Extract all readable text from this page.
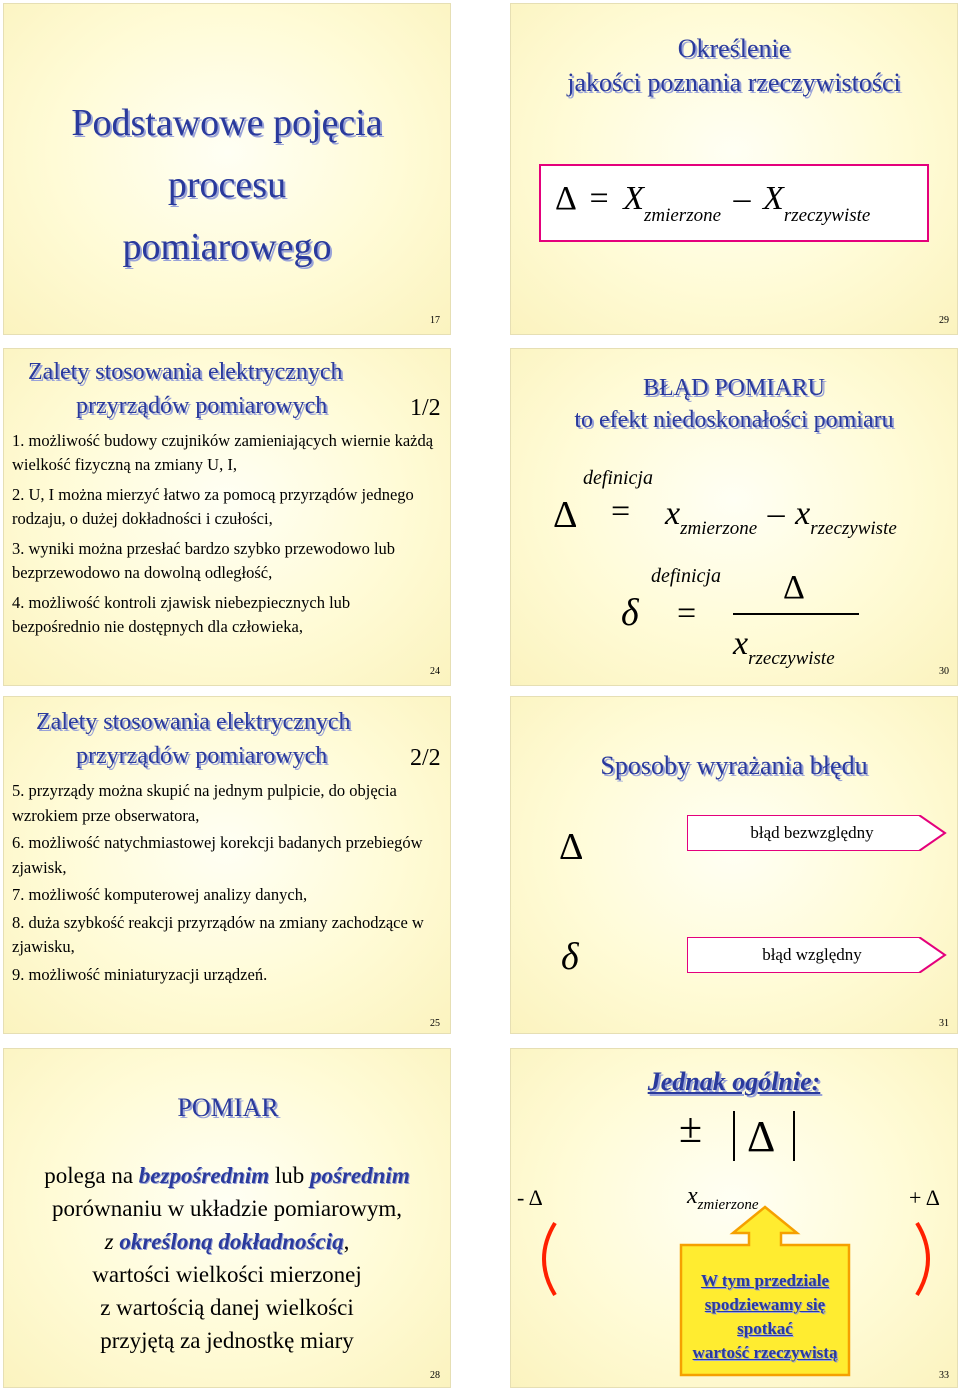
Podstawowe pojęcia

procesu

pomiarowego

17

Określenie

jakości poznania rzeczywistości

$\Delta = X_{zmierzone} - X_{rzeczywiste}$
29

Zalety stosowania elektrycznych

przyrządów pomiarowych	1/2
1. możliwość budowy czujników zamieniających wiernie każdą wielkość fizyczną na zmiany U, I,
2. U, I można mierzyć łatwo za pomocą przyrządów jednego rodzaju, o dużej dokładności i czułości,
3. wyniki można przesłać bardzo szybko przewodowo lub bezprzewodowo na dowolną odległość,
4. możliwość kontroli zjawisk niebezpiecznych lub bezpośrednio nie dostępnych dla człowieka,
24

BŁĄD POMIARU

to efekt niedoskonałości pomiaru

definicja
$\Delta = x_{zmierzone} - x_{rzeczywiste}$
definicja
δ =
Δ
$x_{rzeczywiste}$
30

Zalety stosowania elektrycznych

przyrządów pomiarowych	2/2
5. przyrządy można skupić na jednym pulpicie, do objęcia wzrokiem prze obserwatora,
6. możliwość natychmiastowej korekcji badanych przebiegów zjawisk,
7. możliwość komputerowej analizy danych,
8. duża szybkość reakcji przyrządów na zmiany zachodzące w zjawisku,
9. możliwość miniaturyzacji urządzeń.
25

Sposoby wyrażania błędu

Δ
δ
błąd bezwzględny
błąd względny
31

POMIAR

polega na bezpośrednim lub pośrednim
porównaniu w układzie pomiarowym,
z określoną dokładnością,
wartości wielkości mierzonej
z wartością danej wielkości
przyjętą za jednostkę miary
28

Jednak ogólnie:

± Δ
- Δ	+ Δ
$x_{zmierzone}$
W tym przedziale
spodziewamy się spotkać
wartość rzeczywistą
33
